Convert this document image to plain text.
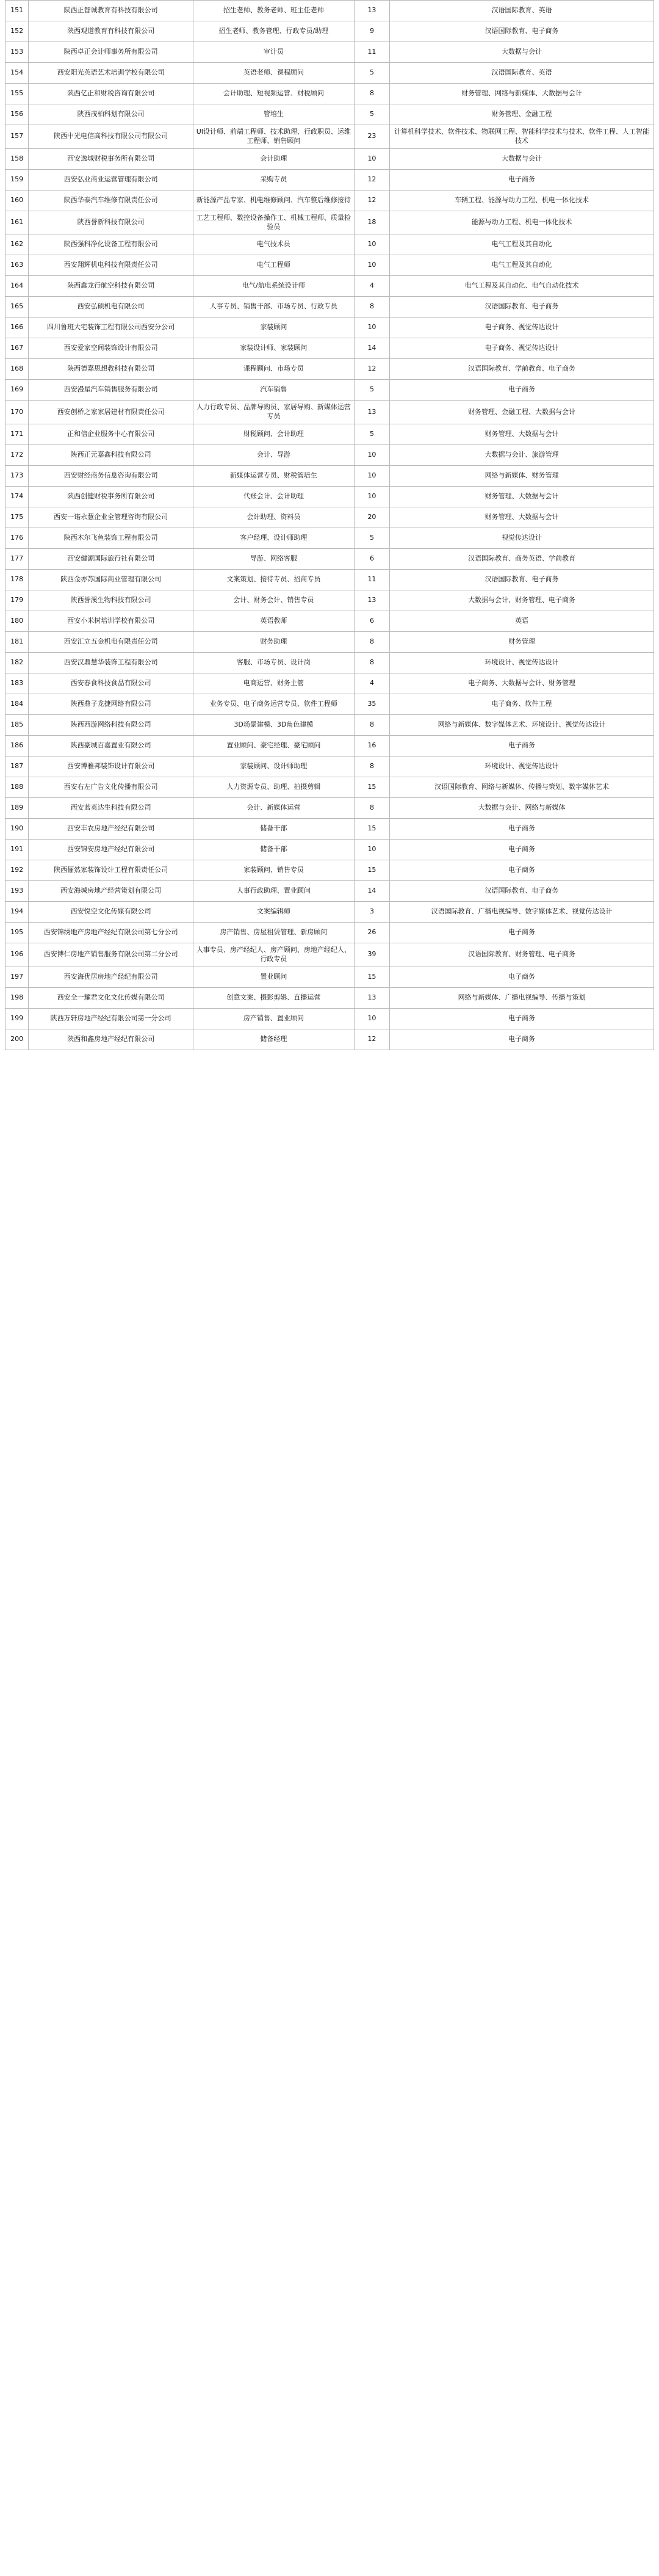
151	陕西正智诚教育有科技有限公司	招生老师、教务老师、班主任老师	13	汉语国际教育、英语
152	陕西观道教育有科技有限公司	招生老师、教务管理、行政专员/助理	9	汉语国际教育、电子商务
153	陕西卓正会计师事务所有限公司	审计员	11	大数据与会计
154	西安阳光英语艺术培训学校有限公司	英语老师、课程顾问	5	汉语国际教育、英语
155	陕西亿正和财税咨询有限公司	会计助理、短视频运营、财税顾问	8	财务管理、网络与新媒体、大数据与会计
156	陕西茂柏科划有限公司	管培生	5	财务管理、金融工程
157	陕西中光电信高科技有限公司有限公司	UI设计师、前端工程师、技术助理、行政职员、运维工程师、销售顾问	23	计算机科学技术、软件技术、物联网工程、智能科学技术与技术、软件工程、人工智能技术
158	西安逸城财税事务所有限公司	会计助理	10	大数据与会计
159	西安弘业商业运营管理有限公司	采购专员	12	电子商务
160	陕西华泰汽车维修有限责任公司	新能源产品专家、机电维修顾问、汽车整后维修接待	12	车辆工程、能源与动力工程、机电一体化技术
161	陕西誉新科技有限公司	工艺工程师、数控设备操作工、机械工程师、质量检验员	18	能源与动力工程、机电一体化技术
162	陕西强科净化设备工程有限公司	电气技术员	10	电气工程及其自动化
163	西安翔辉机电科技有限责任公司	电气工程师	10	电气工程及其自动化
164	陕西鑫龙行航空科技有限公司	电气/航电系统设计师	4	电气工程及其自动化、电气自动化技术
165	西安弘硕机电有限公司	人事专员、销售干部、市场专员、行政专员	8	汉语国际教育、电子商务
166	四川鲁班大宅装饰工程有限公司西安分公司	家装顾问	10	电子商务、视觉传达设计
167	西安爱家空间装饰设计有限公司	家装设计师、家装顾问	14	电子商务、视觉传达设计
168	陕西德嘉思想教科技有限公司	课程顾问、市场专员	12	汉语国际教育、学前教育、电子商务
169	西安漫星汽车销售服务有限公司	汽车销售	5	电子商务
170	西安创桥之家家居建材有限责任公司	人力行政专员、品牌导购员、家居导购、新媒体运营专员	13	财务管理、金融工程、大数据与会计
171	正和信企业服务中心有限公司	财税顾问、会计助理	5	财务管理、大数据与会计
172	陕西正元嘉鑫科技有限公司	会计、导游	10	大数据与会计、旅游管理
173	西安财经商务信息咨询有限公司	新媒体运营专员、财税管培生	10	网络与新媒体、财务管理
174	陕西创健财税事务所有限公司	代账会计、会计助理	10	财务管理、大数据与会计
175	西安一诺永慧企业全管理咨询有限公司	会计助理、资料员	20	财务管理、大数据与会计
176	陕西木尔飞鱼装饰工程有限公司	客户经理、设计师助理	5	视觉传达设计
177	西安健源国际旅行社有限公司	导游、网络客服	6	汉语国际教育、商务英语、学前教育
178	陕西金亦苏国际商业管理有限公司	文案策划、接待专员、招商专员	11	汉语国际教育、电子商务
179	陕西誉溪生物科技有限公司	会计、财务会计、销售专员	13	大数据与会计、财务管理、电子商务
180	西安小米树培训学校有限公司	英语教师	6	英语
181	西安汇立五金机电有限责任公司	财务助理	8	财务管理
182	西安汉鼎慧华装饰工程有限公司	客服、市场专员、设计岗	8	环境设计、视觉传达设计
183	西安春食科技食品有限公司	电商运营、财务主管	4	电子商务、大数据与会计、财务管理
184	陕西鼎子龙捷网络有限公司	业务专员、电子商务运营专员、软件工程师	35	电子商务、软件工程
185	陕西西游网络科技有限公司	3D场景建模、3D角色建模	8	网络与新媒体、数字媒体艺术、环境设计、视觉传达设计
186	陕西豪城百嘉置业有限公司	置业顾问、豪宅经理、豪宅顾问	16	电子商务
187	西安博雅邦装饰设计有限公司	家装顾问、设计师助理	8	环境设计、视觉传达设计
188	西安右左广告文化传播有限公司	人力资源专员、助理、拍摄剪辑	15	汉语国际教育、网络与新媒体、传播与策划、数字媒体艺术
189	西安蓝英达生科技有限公司	会计、新媒体运营	8	大数据与会计、网络与新媒体
190	西安丰农房地产经纪有限公司	储备干部	15	电子商务
191	西安锦安房地产经纪有限公司	储备干部	10	电子商务
192	陕西俪然家装饰设计工程有限责任公司	家装顾问、销售专员	15	电子商务
193	西安海城房地产经营策划有限公司	人事行政助理、置业顾问	14	汉语国际教育、电子商务
194	西安悦空文化传媒有限公司	文案编辑师	3	汉语国际教育、广播电视编导、数字媒体艺术、视觉传达设计
195	西安锦绣地产房地产经纪有限公司第七分公司	房产销售、房屋租赁管理、新房顾问	26	电子商务
196	西安博仁房地产销售服务有限公司第二分公司	人事专员、房产经纪人、房产顾问、房地产经纪人、行政专员	39	汉语国际教育、财务管理、电子商务
197	西安海优居房地产经纪有限公司	置业顾问	15	电子商务
198	西安全一耀君文化文化传媒有限公司	创意文案、摄影剪辑、直播运营	13	网络与新媒体、广播电视编导、传播与策划
199	陕西万轩房地产经纪有限公司第一分公司	房产销售、置业顾问	10	电子商务
200	陕西和鑫房地产经纪有限公司	储备经理	12	电子商务
